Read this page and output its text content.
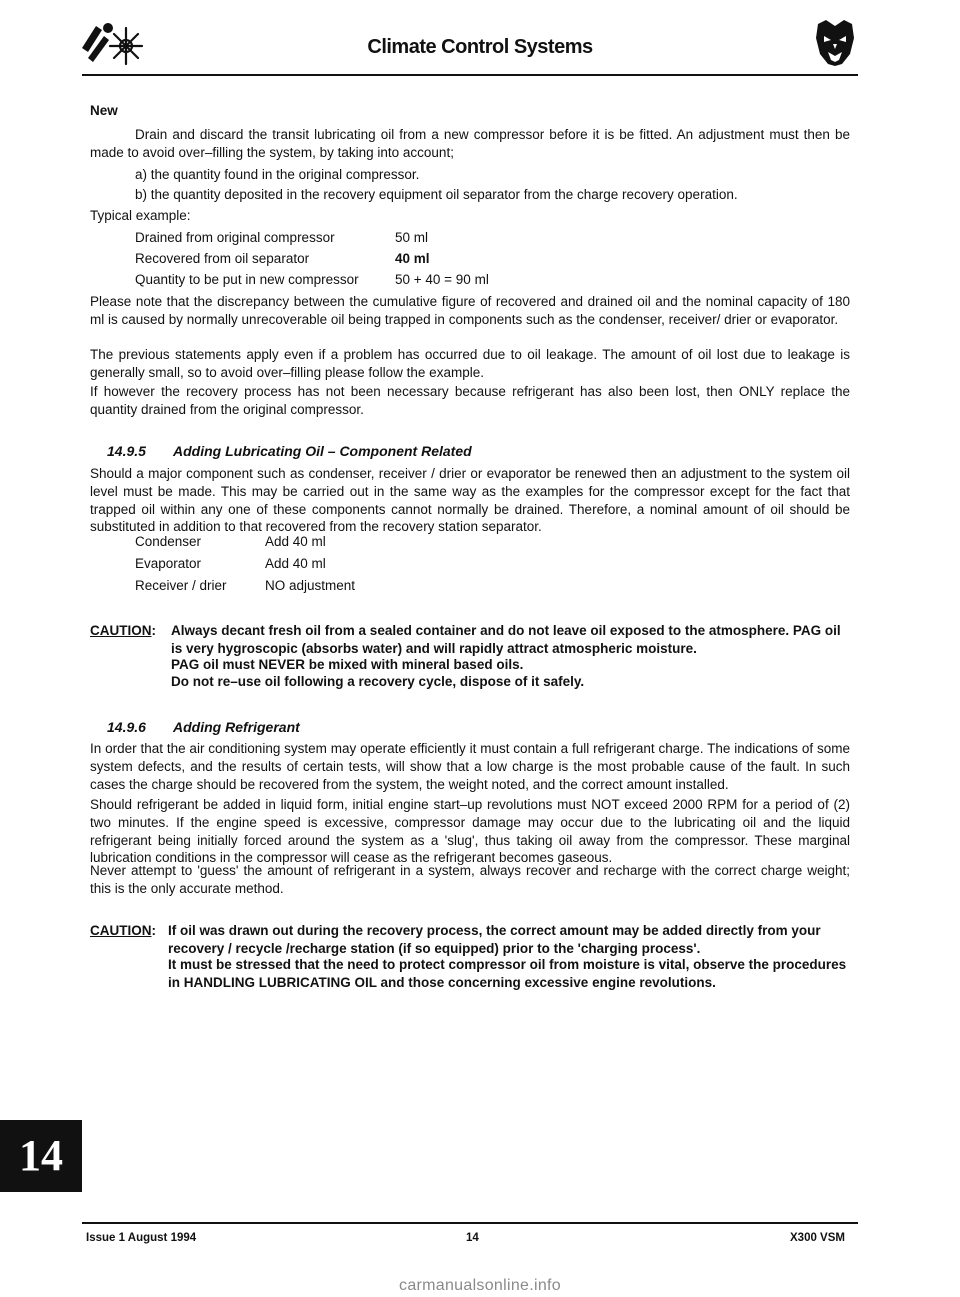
Climate Control Systems
New

Drain and discard the transit lubricating oil from a new compressor before it is be fitted. An adjustment must then be made to avoid over–filling the system, by taking into account;

a) the quantity found in the original compressor.

b) the quantity deposited in the recovery equipment oil separator from the charge recovery operation.

Typical example:

Drained from original compressor	50 ml
Recovered from oil separator	40 ml
Quantity to be put in new compressor	50 + 40 = 90 ml

Please note that the discrepancy between the cumulative figure of recovered and drained oil and the nominal capacity of 180 ml is caused by normally unrecoverable oil being trapped in components such as the condenser, receiver/ drier or evaporator.

The previous statements apply even if a problem has occurred due to oil leakage. The amount of oil lost due to leakage is generally small, so to avoid over–filling please follow the example.

If however the recovery process has not been necessary because refrigerant has also been lost, then ONLY replace the quantity drained from the original compressor.

14.9.5 Adding Lubricating Oil – Component Related

Should a major component such as condenser, receiver / drier or evaporator be renewed then an adjustment to the system oil level must be made. This may be carried out in the same way as the examples for the compressor except for the fact that trapped oil within any one of these components cannot normally be drained. Therefore, a nominal amount of oil should be substituted in addition to that recovered from the recovery station separator.

Condenser	Add 40 ml
Evaporator	Add 40 ml
Receiver / drier	NO adjustment
CAUTION: Always decant fresh oil from a sealed container and do not leave oil exposed to the atmosphere. PAG oil is very hygroscopic (absorbs water) and will rapidly attract atmospheric moisture.

PAG oil must NEVER be mixed with mineral based oils.

Do not re–use oil following a recovery cycle, dispose of it safely.

14.9.6 Adding Refrigerant

In order that the air conditioning system may operate efficiently it must contain a full refrigerant charge. The indications of some system defects, and the results of certain tests, will show that a low charge is the most probable cause of the fault. In such cases the charge should be recovered from the system, the weight noted, and the correct amount installed.

Should refrigerant be added in liquid form, initial engine start–up revolutions must NOT exceed 2000 RPM for a period of (2) two minutes. If the engine speed is excessive, compressor damage may occur due to the lubricating oil and the liquid refrigerant being initially forced around the system as a 'slug', thus taking oil away from the compressor. These marginal lubrication conditions in the compressor will cease as the refrigerant becomes gaseous.

Never attempt to 'guess' the amount of refrigerant in a system, always recover and recharge with the correct charge weight; this is the only accurate method.

CAUTION: If oil was drawn out during the recovery process, the correct amount may be added directly from your recovery / recycle /recharge station (if so equipped) prior to the 'charging process'.

It must be stressed that the need to protect compressor oil from moisture is vital, observe the procedures in HANDLING LUBRICATING OIL and those concerning excessive engine revolutions.

14
Issue 1 August 1994	14	X300 VSM
carmanualsonline.info
